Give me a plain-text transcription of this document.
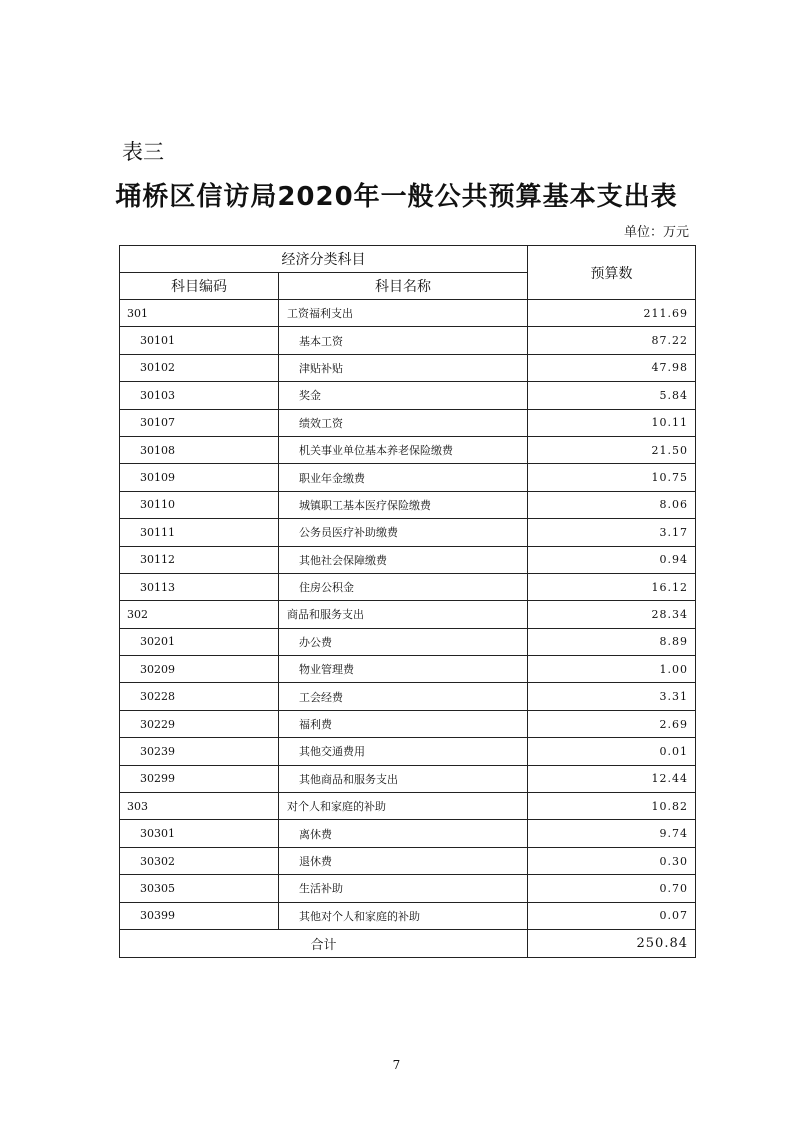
表三
埇桥区信访局2020年一般公共预算基本支出表
单位：万元
经济分类科目		预算数
科目编码	科目名称	
301	工资福利支出	211.69
30101	基本工资	87.22
30102	津贴补贴	47.98
30103	奖金	5.84
30107	绩效工资	10.11
30108	机关事业单位基本养老保险缴费	21.50
30109	职业年金缴费	10.75
30110	城镇职工基本医疗保险缴费	8.06
30111	公务员医疗补助缴费	3.17
30112	其他社会保障缴费	0.94
30113	住房公积金	16.12
302	商品和服务支出	28.34
30201	办公费	8.89
30209	物业管理费	1.00
30228	工会经费	3.31
30229	福利费	2.69
30239	其他交通费用	0.01
30299	其他商品和服务支出	12.44
303	对个人和家庭的补助	10.82
30301	离休费	9.74
30302	退休费	0.30
30305	生活补助	0.70
30399	其他对个人和家庭的补助	0.07
合计		250.84
7
